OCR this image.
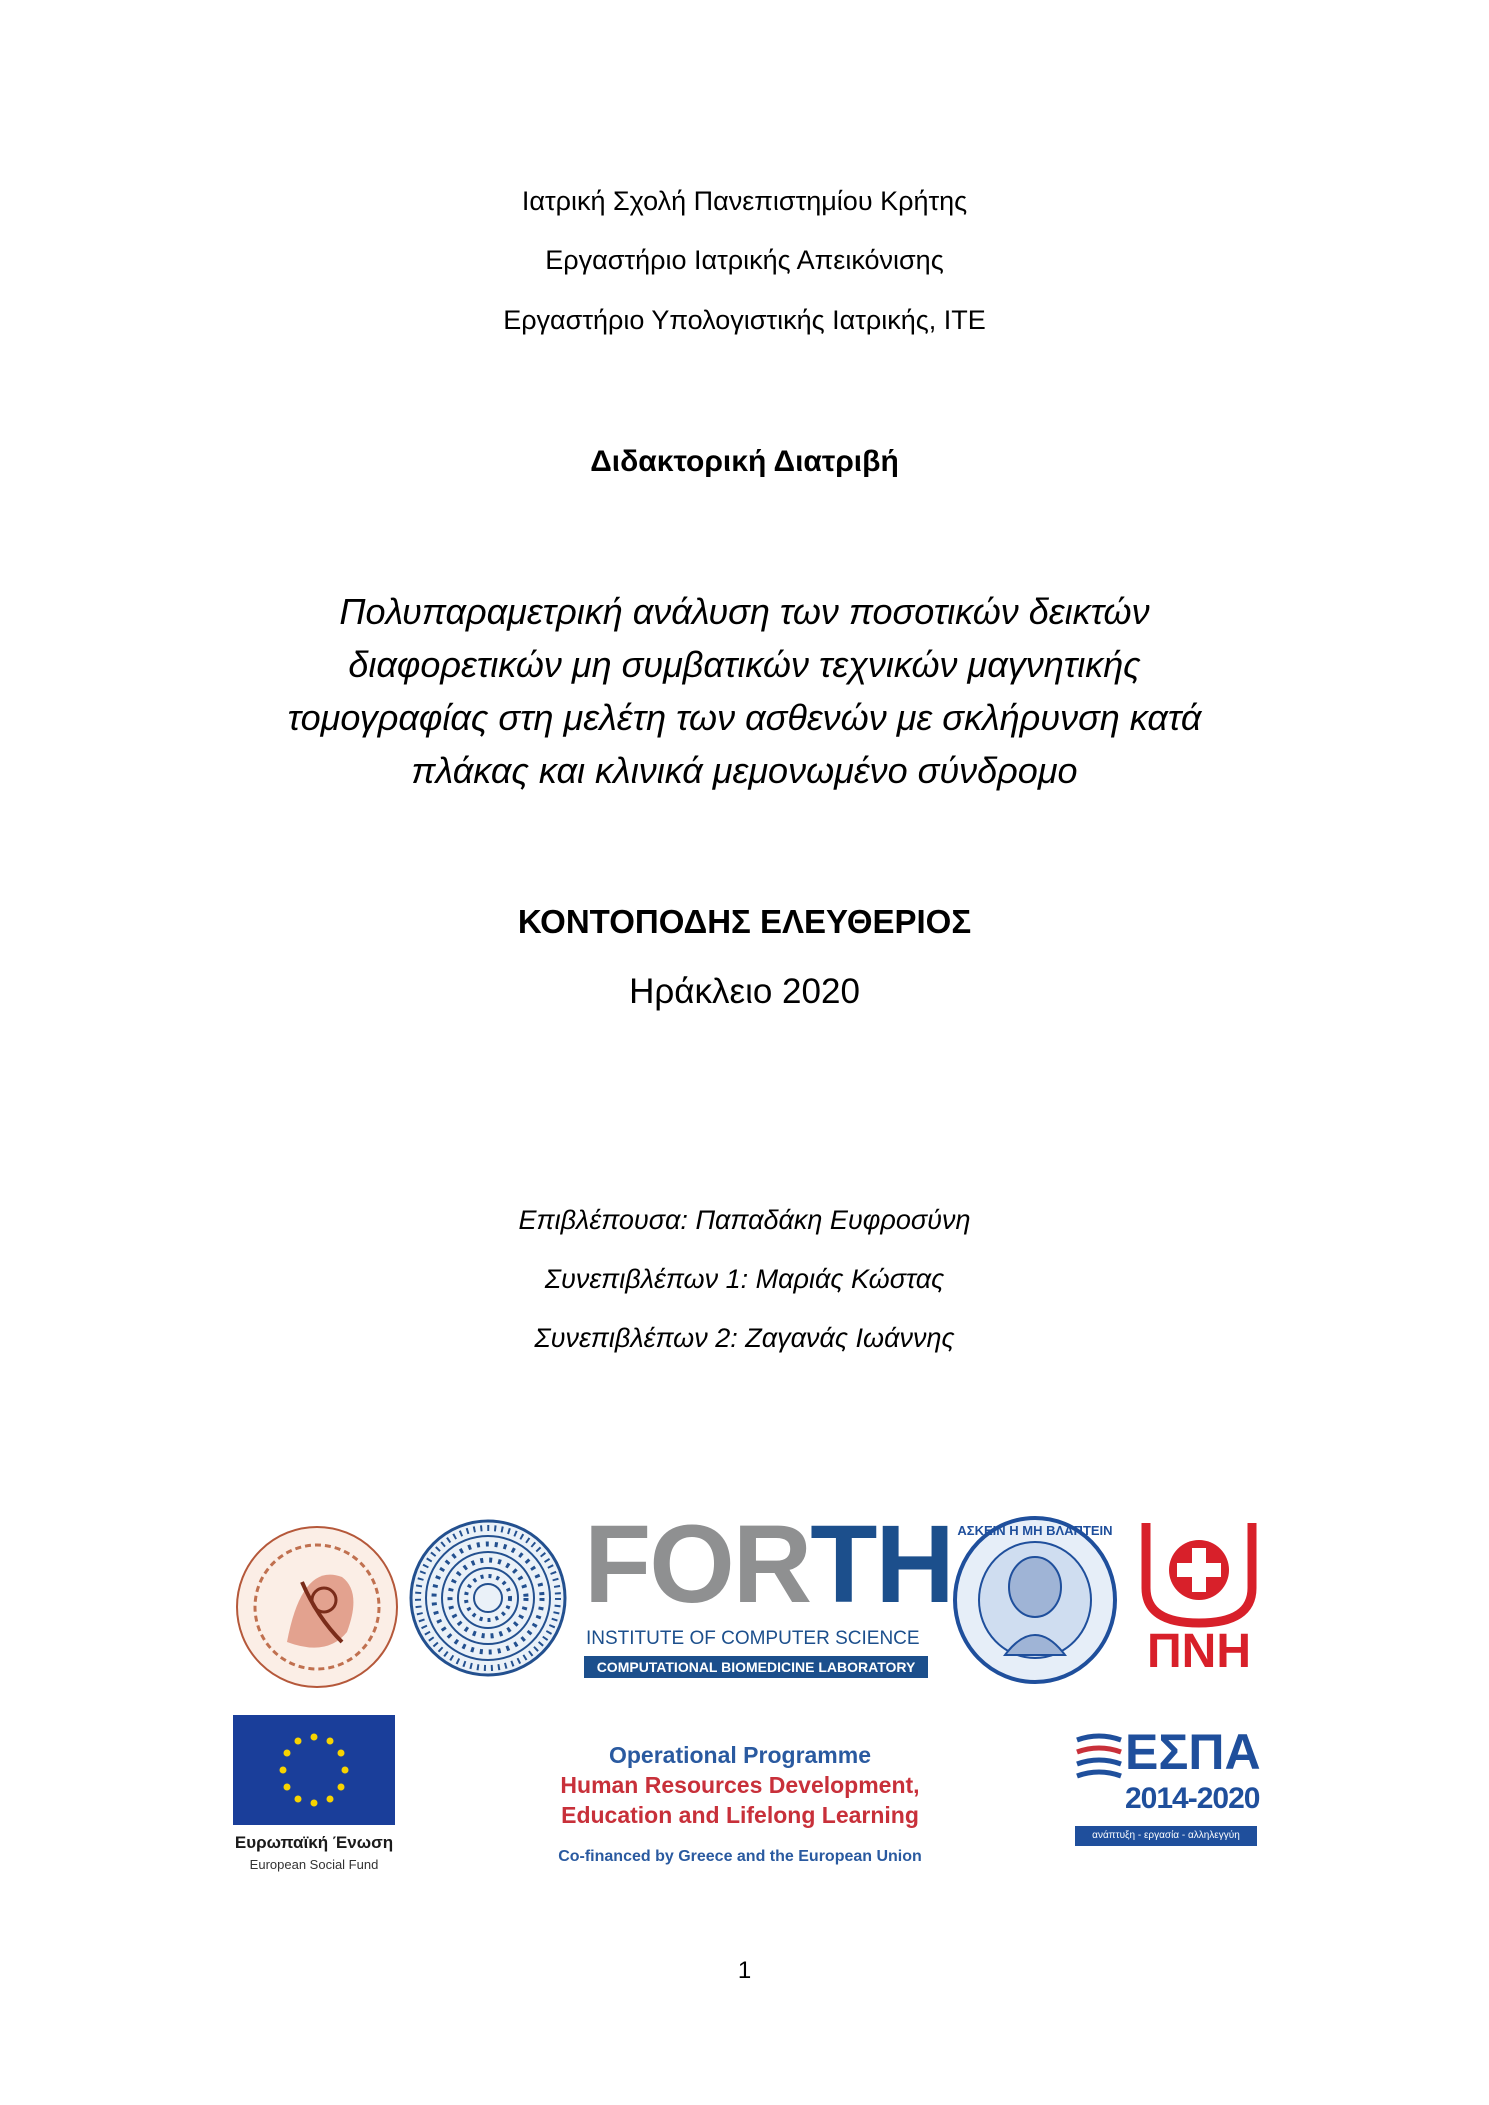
Ιατρική Σχολή Πανεπιστημίου Κρήτης
Εργαστήριο Ιατρικής Απεικόνισης
Εργαστήριο Υπολογιστικής Ιατρικής, ΙΤΕ
Διδακτορική Διατριβή
Πολυπαραμετρική ανάλυση των ποσοτικών δεικτών
διαφορετικών μη συμβατικών τεχνικών μαγνητικής
τομογραφίας στη μελέτη των ασθενών με σκλήρυνση κατά
πλάκας και κλινικά μεμονωμένο σύνδρομο
ΚΟΝΤΟΠΟΔΗΣ ΕΛΕΥΘΕΡΙΟΣ
Ηράκλειο 2020
Επιβλέπουσα: Παπαδάκη Ευφροσύνη
Συνεπιβλέπων 1: Μαριάς Κώστας
Συνεπιβλέπων 2: Ζαγανάς Ιωάννης
FORTH
INSTITUTE OF COMPUTER SCIENCE
COMPUTATIONAL BIOMEDICINE LABORATORY
ΑΣΚΕΙΝ Η ΜΗ ΒΛΑΠΤΕΙΝ
ΠΝΗ
Ευρωπαϊκή Ένωση
European Social Fund
Operational Programme
Human Resources Development,
Education and Lifelong Learning
Co-financed by Greece and the European Union
ΕΣΠΑ
2014-2020
ανάπτυξη - εργασία - αλληλεγγύη
1
